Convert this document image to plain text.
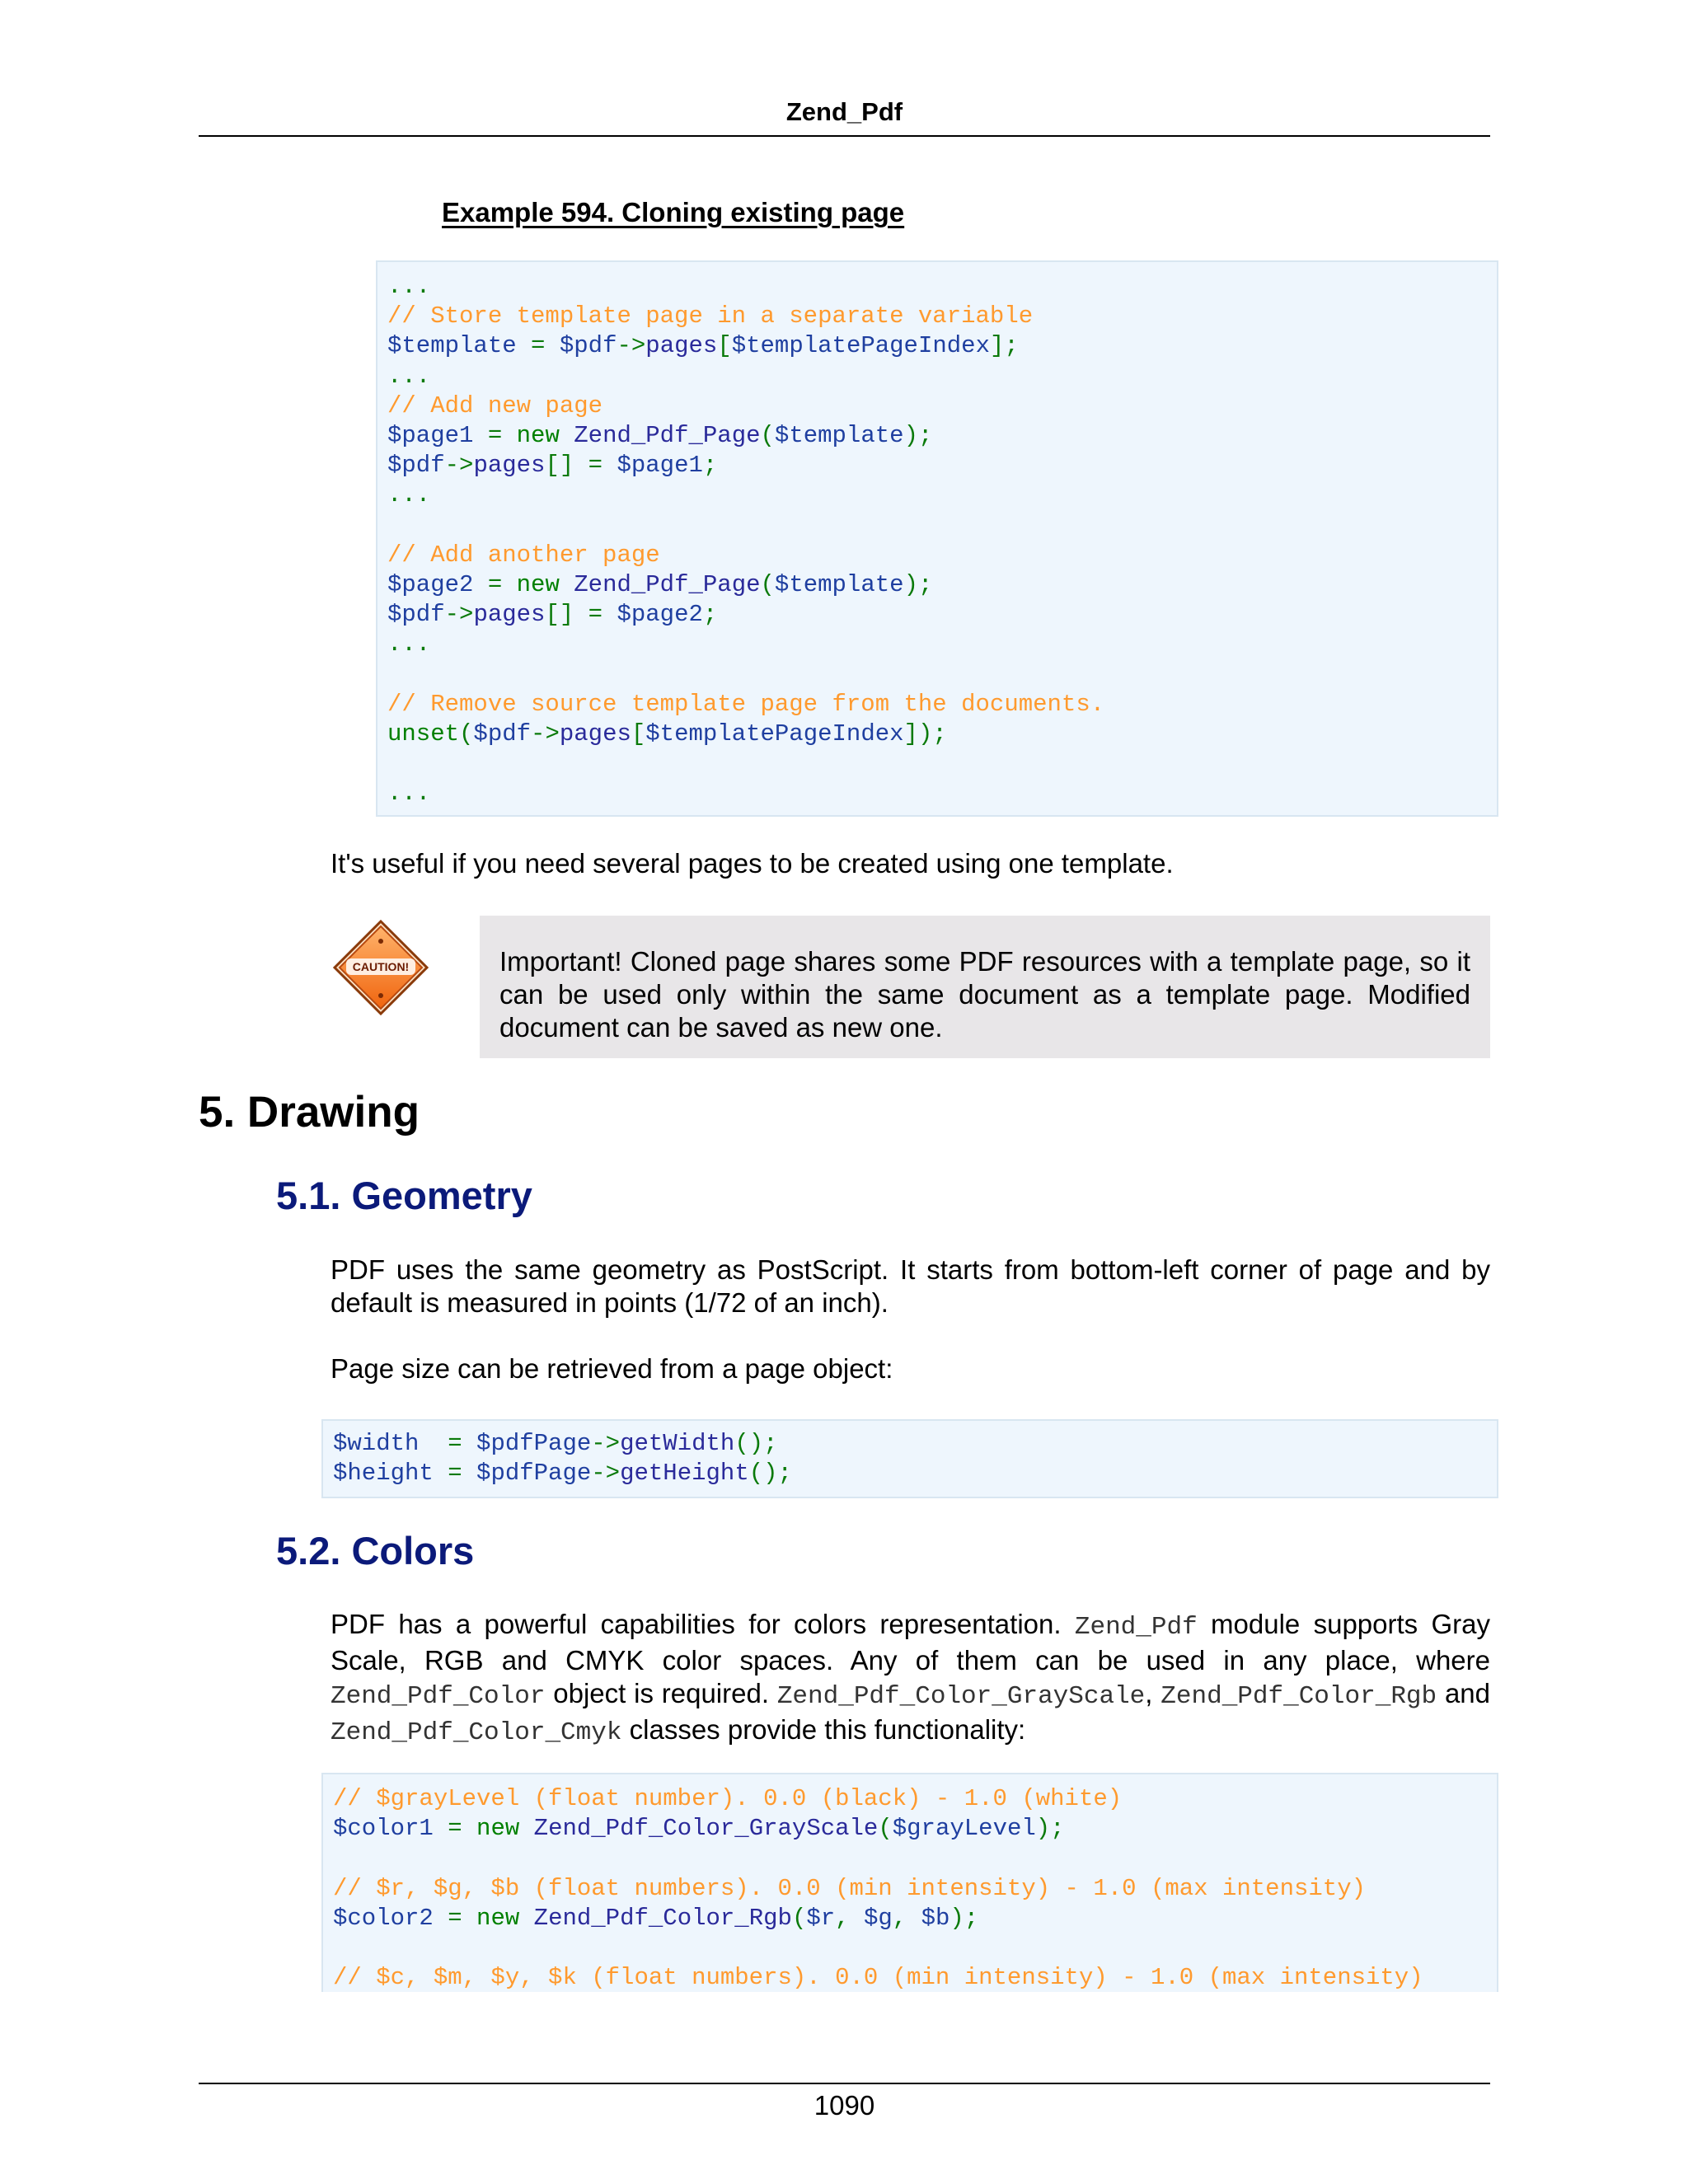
Zend_Pdf
Example 594. Cloning existing page
...
// Store template page in a separate variable
$template = $pdf->pages[$templatePageIndex];
...
// Add new page
$page1 = new Zend_Pdf_Page($template);
$pdf->pages[] = $page1;
...

// Add another page
$page2 = new Zend_Pdf_Page($template);
$pdf->pages[] = $page2;
...

// Remove source template page from the documents.
unset($pdf->pages[$templatePageIndex]);

...
It's useful if you need several pages to be created using one template.
CAUTION!	Important! Cloned page shares some PDF resources with a template page, so it can be used only within the same document as a template page. Modified document can be saved as new one.
5. Drawing
5.1. Geometry
PDF uses the same geometry as PostScript. It starts from bottom-left corner of page and by default is measured in points (1/72 of an inch).
Page size can be retrieved from a page object:
$width  = $pdfPage->getWidth();
$height = $pdfPage->getHeight();
5.2. Colors
PDF has a powerful capabilities for colors representation. Zend_Pdf module supports Gray Scale, RGB and CMYK color spaces. Any of them can be used in any place, where Zend_Pdf_Color object is required. Zend_Pdf_Color_GrayScale, Zend_Pdf_Color_Rgb and Zend_Pdf_Color_Cmyk classes provide this functionality:
// $grayLevel (float number). 0.0 (black) - 1.0 (white)
$color1 = new Zend_Pdf_Color_GrayScale($grayLevel);

// $r, $g, $b (float numbers). 0.0 (min intensity) - 1.0 (max intensity)
$color2 = new Zend_Pdf_Color_Rgb($r, $g, $b);

// $c, $m, $y, $k (float numbers). 0.0 (min intensity) - 1.0 (max intensity)
1090
